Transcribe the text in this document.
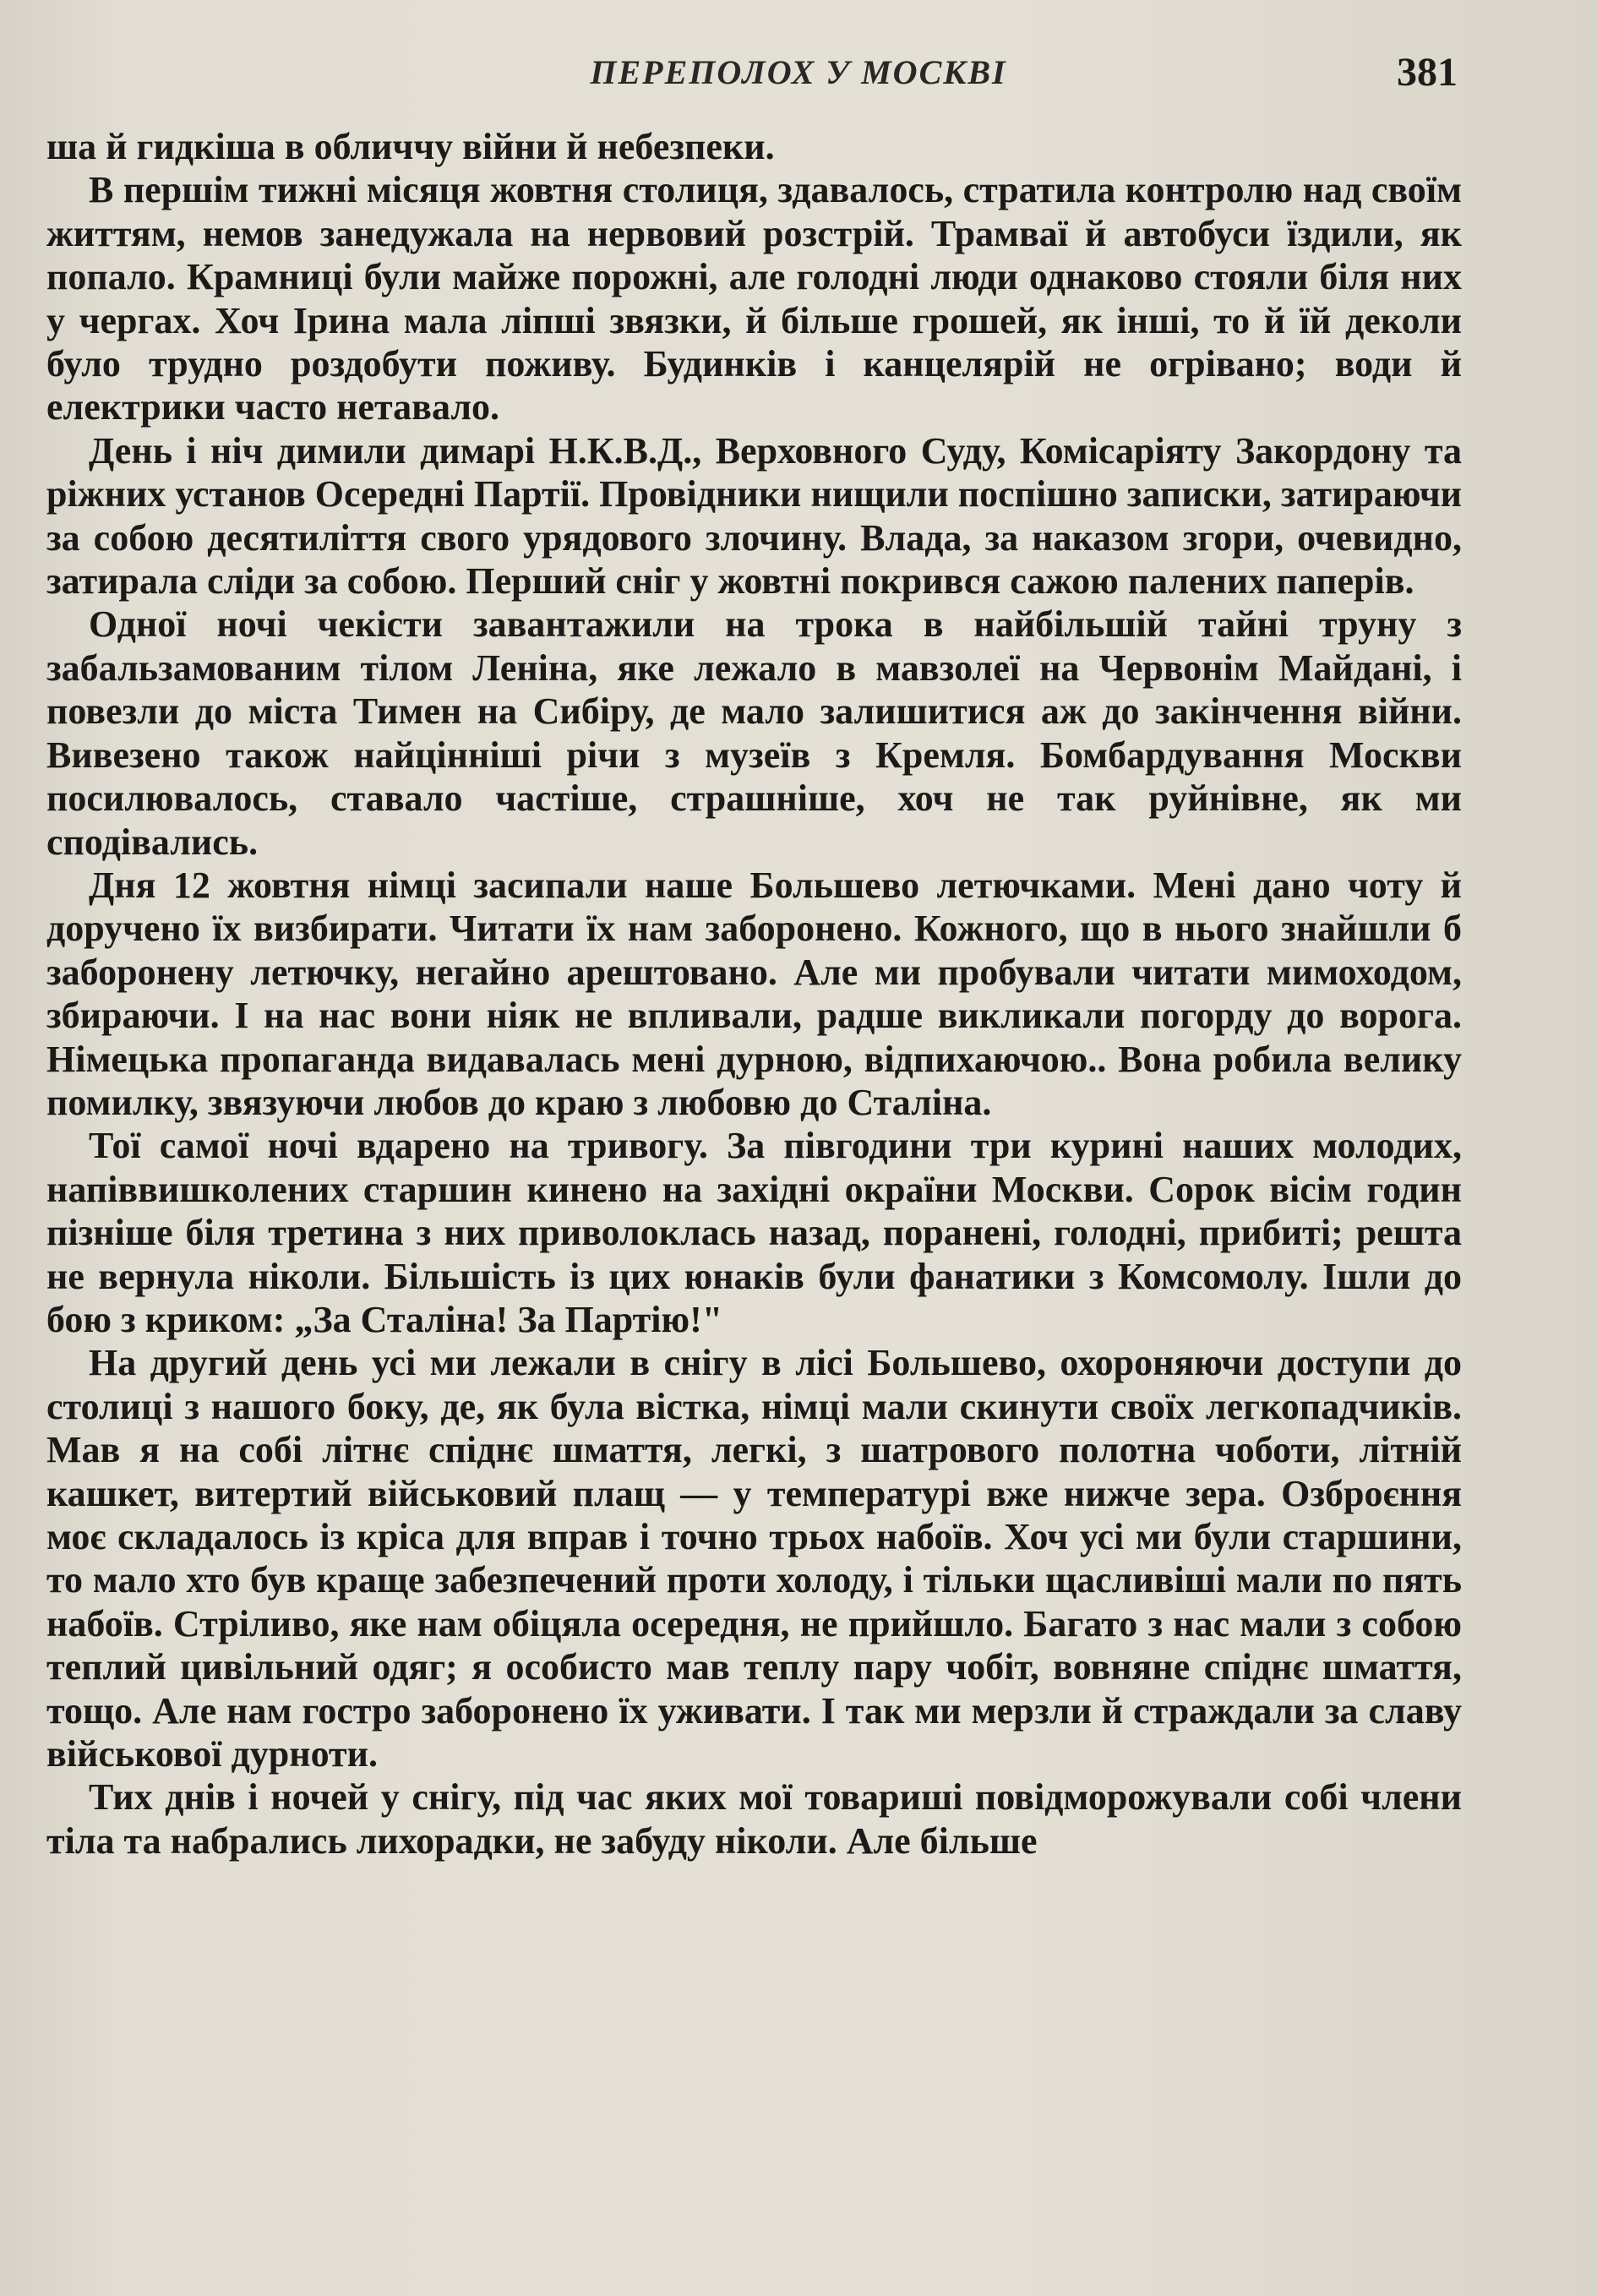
ПЕРЕПОЛОХ У МОСКВІ	381

ша й гидкіша в обличчу війни й небезпеки.

В першім тижні місяця жовтня столиця, здавалось, стратила контролю над своїм життям, немов занедужала на нервовий розстрій. Трамваї й автобуси їздили, як попало. Крамниці були майже порожні, але голодні люди однаково стояли біля них у чергах. Хоч Ірина мала ліпші звязки, й більше грошей, як інші, то й їй деколи було трудно роздобути поживу. Будинків і канцелярій не огрівано; води й електрики часто нетавало.

День і ніч димили димарі Н.К.В.Д., Верховного Суду, Комісаріяту Закордону та ріжних установ Осередні Партії. Провідники нищили поспішно записки, затираючи за собою десятиліття свого урядового злочину. Влада, за наказом згори, очевидно, затирала сліди за собою. Перший сніг у жовтні покрився сажою палених паперів.

Одної ночі чекісти завантажили на трока в найбільшій тайні труну з забальзамованим тілом Леніна, яке лежало в мавзолеї на Червонім Майдані, і повезли до міста Тимен на Сибіру, де мало залишитися аж до закінчення війни. Вивезено також найцінніші річи з музеїв з Кремля. Бомбардування Москви посилювалось, ставало частіше, страшніше, хоч не так руйнівне, як ми сподівались.

Дня 12 жовтня німці засипали наше Большево летючками. Мені дано чоту й доручено їх визбирати. Читати їх нам заборонено. Кожного, що в нього знайшли б заборонену летючку, негайно арештовано. Але ми пробували читати мимоходом, збираючи. І на нас вони ніяк не впливали, радше викликали погорду до ворога. Німецька пропаганда видавалась мені дурною, відпихаючою.. Вона робила велику помилку, звязуючи любов до краю з любовю до Сталіна.

Тої самої ночі вдарено на тривогу. За півгодини три курині наших молодих, напіввишколених старшин кинено на західні окраїни Москви. Сорок вісім годин пізніше біля третина з них приволоклась назад, поранені, голодні, прибиті; решта не вернула ніколи. Більшість із цих юнаків були фанатики з Комсомолу. Ішли до бою з криком: „За Сталіна! За Партію!"

На другий день усі ми лежали в снігу в лісі Большево, охороняючи доступи до столиці з нашого боку, де, як була вістка, німці мали скинути своїх легкопадчиків. Мав я на собі літнє спіднє шмаття, легкі, з шатрового полотна чоботи, літній кашкет, витертий військовий плащ — у температурі вже нижче зера. Озброєння моє складалось із кріса для вправ і точно трьох набоїв. Хоч усі ми були старшини, то мало хто був краще забезпечений проти холоду, і тільки щасливіші мали по пять набоїв. Стріливо, яке нам обіцяла осередня, не прийшло. Багато з нас мали з собою теплий цивільний одяг; я особисто мав теплу пару чобіт, вовняне спіднє шмаття, тощо. Але нам гостро заборонено їх уживати. І так ми мерзли й страждали за славу військової дурноти.

Тих днів і ночей у снігу, під час яких мої товариші повідморожували собі члени тіла та набрались лихорадки, не забуду ніколи. Але більше
